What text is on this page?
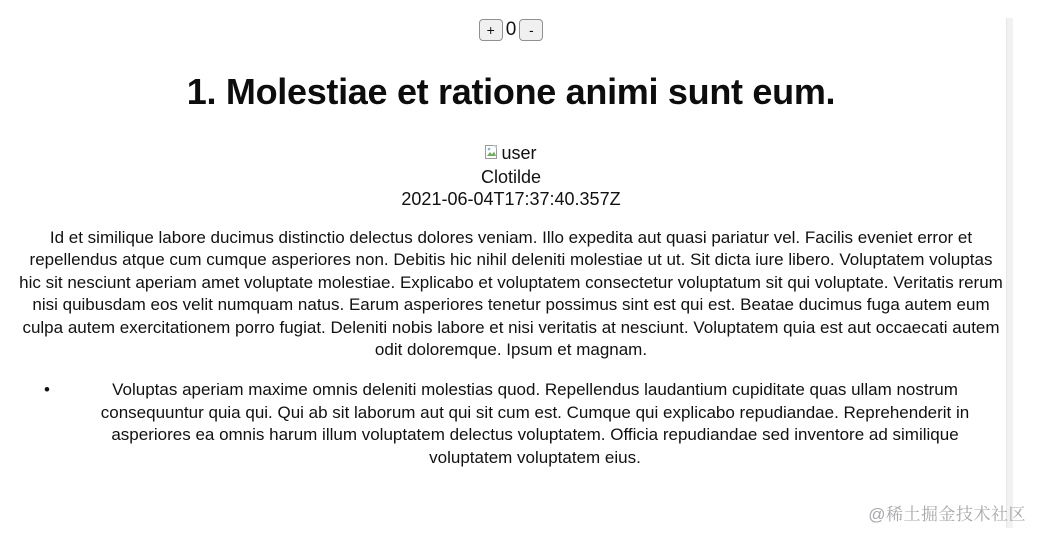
+ 0 -
1. Molestiae et ratione animi sunt eum.
user
Clotilde
2021-06-04T17:37:40.357Z

Id et similique labore ducimus distinctio delectus dolores veniam. Illo expedita aut quasi pariatur vel. Facilis eveniet error et repellendus atque cum cumque asperiores non. Debitis hic nihil deleniti molestiae ut ut. Sit dicta iure libero. Voluptatem voluptas hic sit nesciunt aperiam amet voluptate molestiae. Explicabo et voluptatem consectetur voluptatum sit qui voluptate. Veritatis rerum nisi quibusdam eos velit numquam natus. Earum asperiores tenetur possimus sint est qui est. Beatae ducimus fuga autem eum culpa autem exercitationem porro fugiat. Deleniti nobis labore et nisi veritatis at nesciunt. Voluptatem quia est aut occaecati autem odit doloremque. Ipsum et magnam.

•	Voluptas aperiam maxime omnis deleniti molestias quod. Repellendus laudantium cupiditate quas ullam nostrum consequuntur quia qui. Qui ab sit laborum aut qui sit cum est. Cumque qui explicabo repudiandae. Reprehenderit in asperiores ea omnis harum illum voluptatem delectus voluptatem. Officia repudiandae sed inventore ad similique voluptatem voluptatem eius.
@稀土掘金技术社区
